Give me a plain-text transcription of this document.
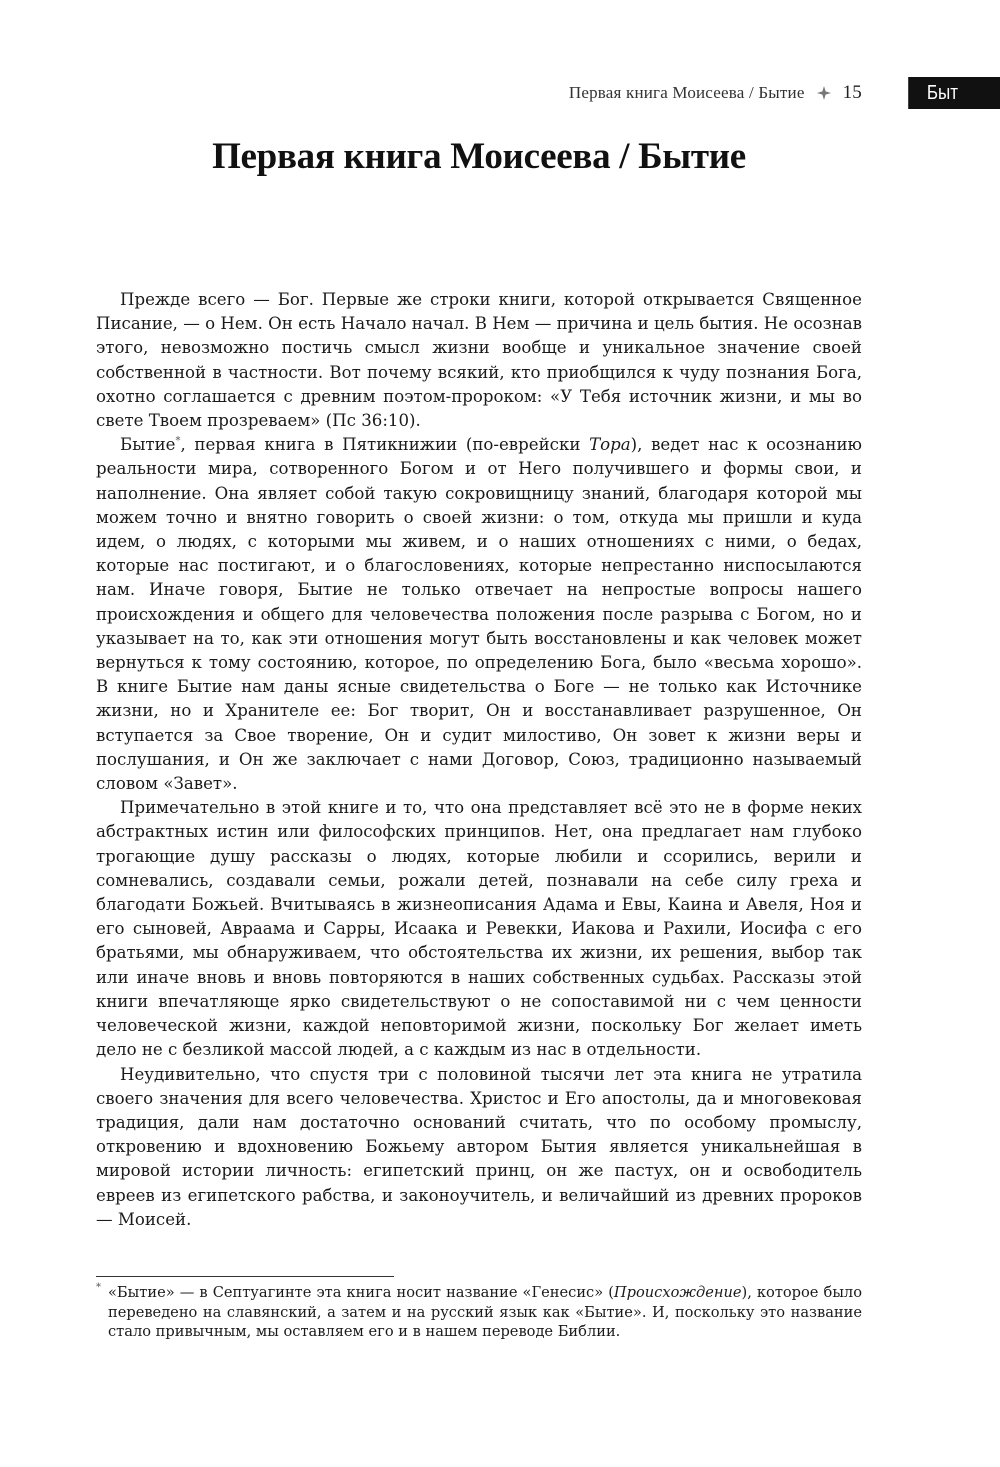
Первая книга Моисеева / Бытие 15	Быт
Первая книга Моисеева / Бытие

Прежде всего — Бог. Первые же строки книги, которой открывается Священное Писание, — о Нем. Он есть Начало начал. В Нем — причина и цель бытия. Не осознав этого, невозможно постичь смысл жизни вообще и уникальное значение своей собственной в частности. Вот почему всякий, кто приобщился к чуду познания Бога, охотно соглашается с древним поэтом-пророком: «У Тебя источник жизни, и мы во свете Твоем прозреваем» (Пс 36:10).

Бытие*, первая книга в Пятикнижии (по-еврейски Тора), ведет нас к осознанию реальности мира, сотворенного Богом и от Него получившего и формы свои, и наполнение. Она являет собой такую сокровищницу знаний, благодаря которой мы можем точно и внятно говорить о своей жизни: о том, откуда мы пришли и куда идем, о людях, с которыми мы живем, и о наших отношениях с ними, о бедах, которые нас постигают, и о благословениях, которые непрестанно ниспосылаются нам. Иначе говоря, Бытие не только отвечает на непростые вопросы нашего происхождения и общего для человечества положения после разрыва с Богом, но и указывает на то, как эти отношения могут быть восстановлены и как человек может вернуться к тому состоянию, которое, по определению Бога, было «весьма хорошо». В книге Бытие нам даны ясные свидетельства о Боге — не только как Источнике жизни, но и Хранителе ее: Бог творит, Он и восстанавливает разрушенное, Он вступается за Свое творение, Он и судит милостиво, Он зовет к жизни веры и послушания, и Он же заключает с нами Договор, Союз, традиционно называемый словом «Завет».

Примечательно в этой книге и то, что она представляет всё это не в форме неких абстрактных истин или философских принципов. Нет, она предлагает нам глубоко трогающие душу рассказы о людях, которые любили и ссорились, верили и сомневались, создавали семьи, рожали детей, познавали на себе силу греха и благодати Божьей. Вчитываясь в жизнеописания Адама и Евы, Каина и Авеля, Ноя и его сыновей, Авраама и Сарры, Исаака и Ревекки, Иакова и Рахили, Иосифа с его братьями, мы обнаруживаем, что обстоятельства их жизни, их решения, выбор так или иначе вновь и вновь повторяются в наших собственных судьбах. Рассказы этой книги впечатляюще ярко свидетельствуют о не сопоставимой ни с чем ценности человеческой жизни, каждой неповторимой жизни, поскольку Бог желает иметь дело не с безликой массой людей, а с каждым из нас в отдельности.

Неудивительно, что спустя три с половиной тысячи лет эта книга не утратила своего значения для всего человечества. Христос и Его апостолы, да и многовековая традиция, дали нам достаточно оснований считать, что по особому промыслу, откровению и вдохновению Божьему автором Бытия является уникальнейшая в мировой истории личность: египетский принц, он же пастух, он и освободитель евреев из египетского рабства, и законоучитель, и величайший из древних пророков — Моисей.

* «Бытие» — в Септуагинте эта книга носит название «Генесис» (Происхождение), которое было переведено на славянский, а затем и на русский язык как «Бытие». И, поскольку это название стало привычным, мы оставляем его и в нашем переводе Библии.
